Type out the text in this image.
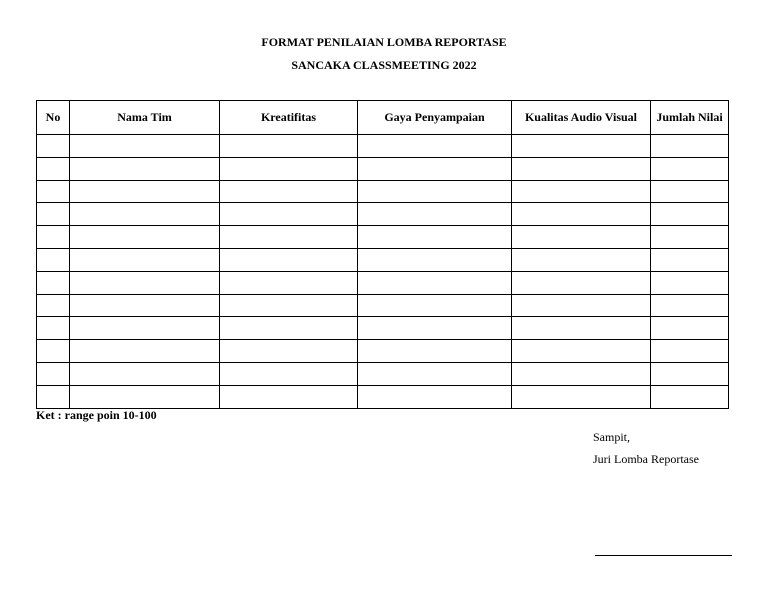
FORMAT PENILAIAN LOMBA REPORTASE
SANCAKA CLASSMEETING 2022
No	Nama Tim	Kreatifitas	Gaya Penyampaian	Kualitas Audio Visual	Jumlah Nilai

Ket : range poin 10-100
Sampit,
Juri Lomba Reportase
